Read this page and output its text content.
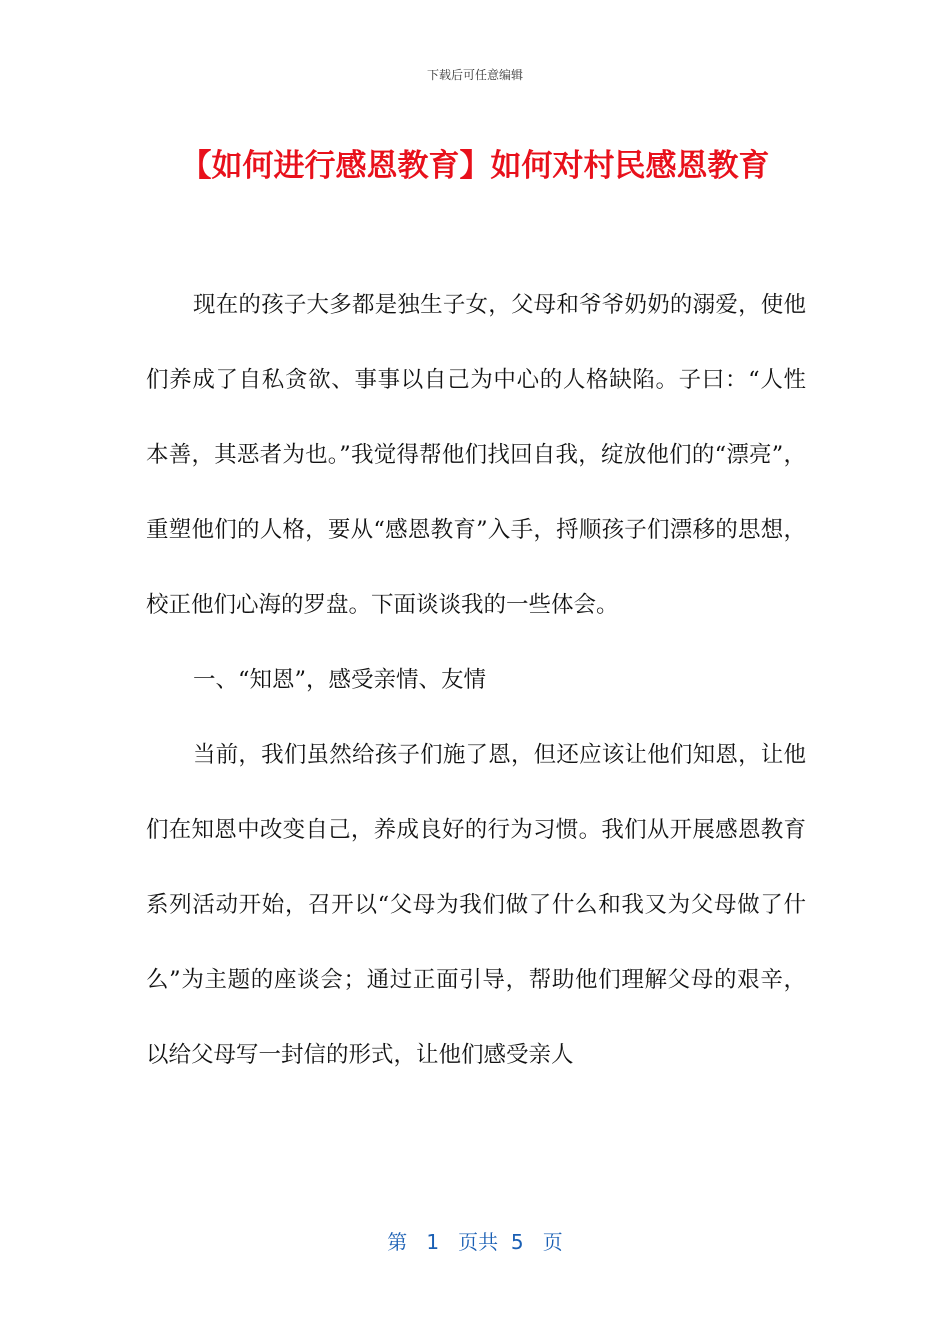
下载后可任意编辑
【如何进行感恩教育】如何对村民感恩教育

现在的孩子大多都是独生子女，父母和爷爷奶奶的溺爱，使他们养成了自私贪欲、事事以自己为中心的人格缺陷。子曰：“人性本善，其恶者为也。”我觉得帮他们找回自我，绽放他们的“漂亮”，重塑他们的人格，要从“感恩教育”入手，捋顺孩子们漂移的思想，校正他们心海的罗盘。下面谈谈我的一些体会。

一、“知恩”，感受亲情、友情

当前，我们虽然给孩子们施了恩，但还应该让他们知恩，让他们在知恩中改变自己，养成良好的行为习惯。我们从开展感恩教育系列活动开始，召开以“父母为我们做了什么和我又为父母做了什么”为主题的座谈会；通过正面引导，帮助他们理解父母的艰辛，以给父母写一封信的形式，让他们感受亲人

第 1 页共 5 页
